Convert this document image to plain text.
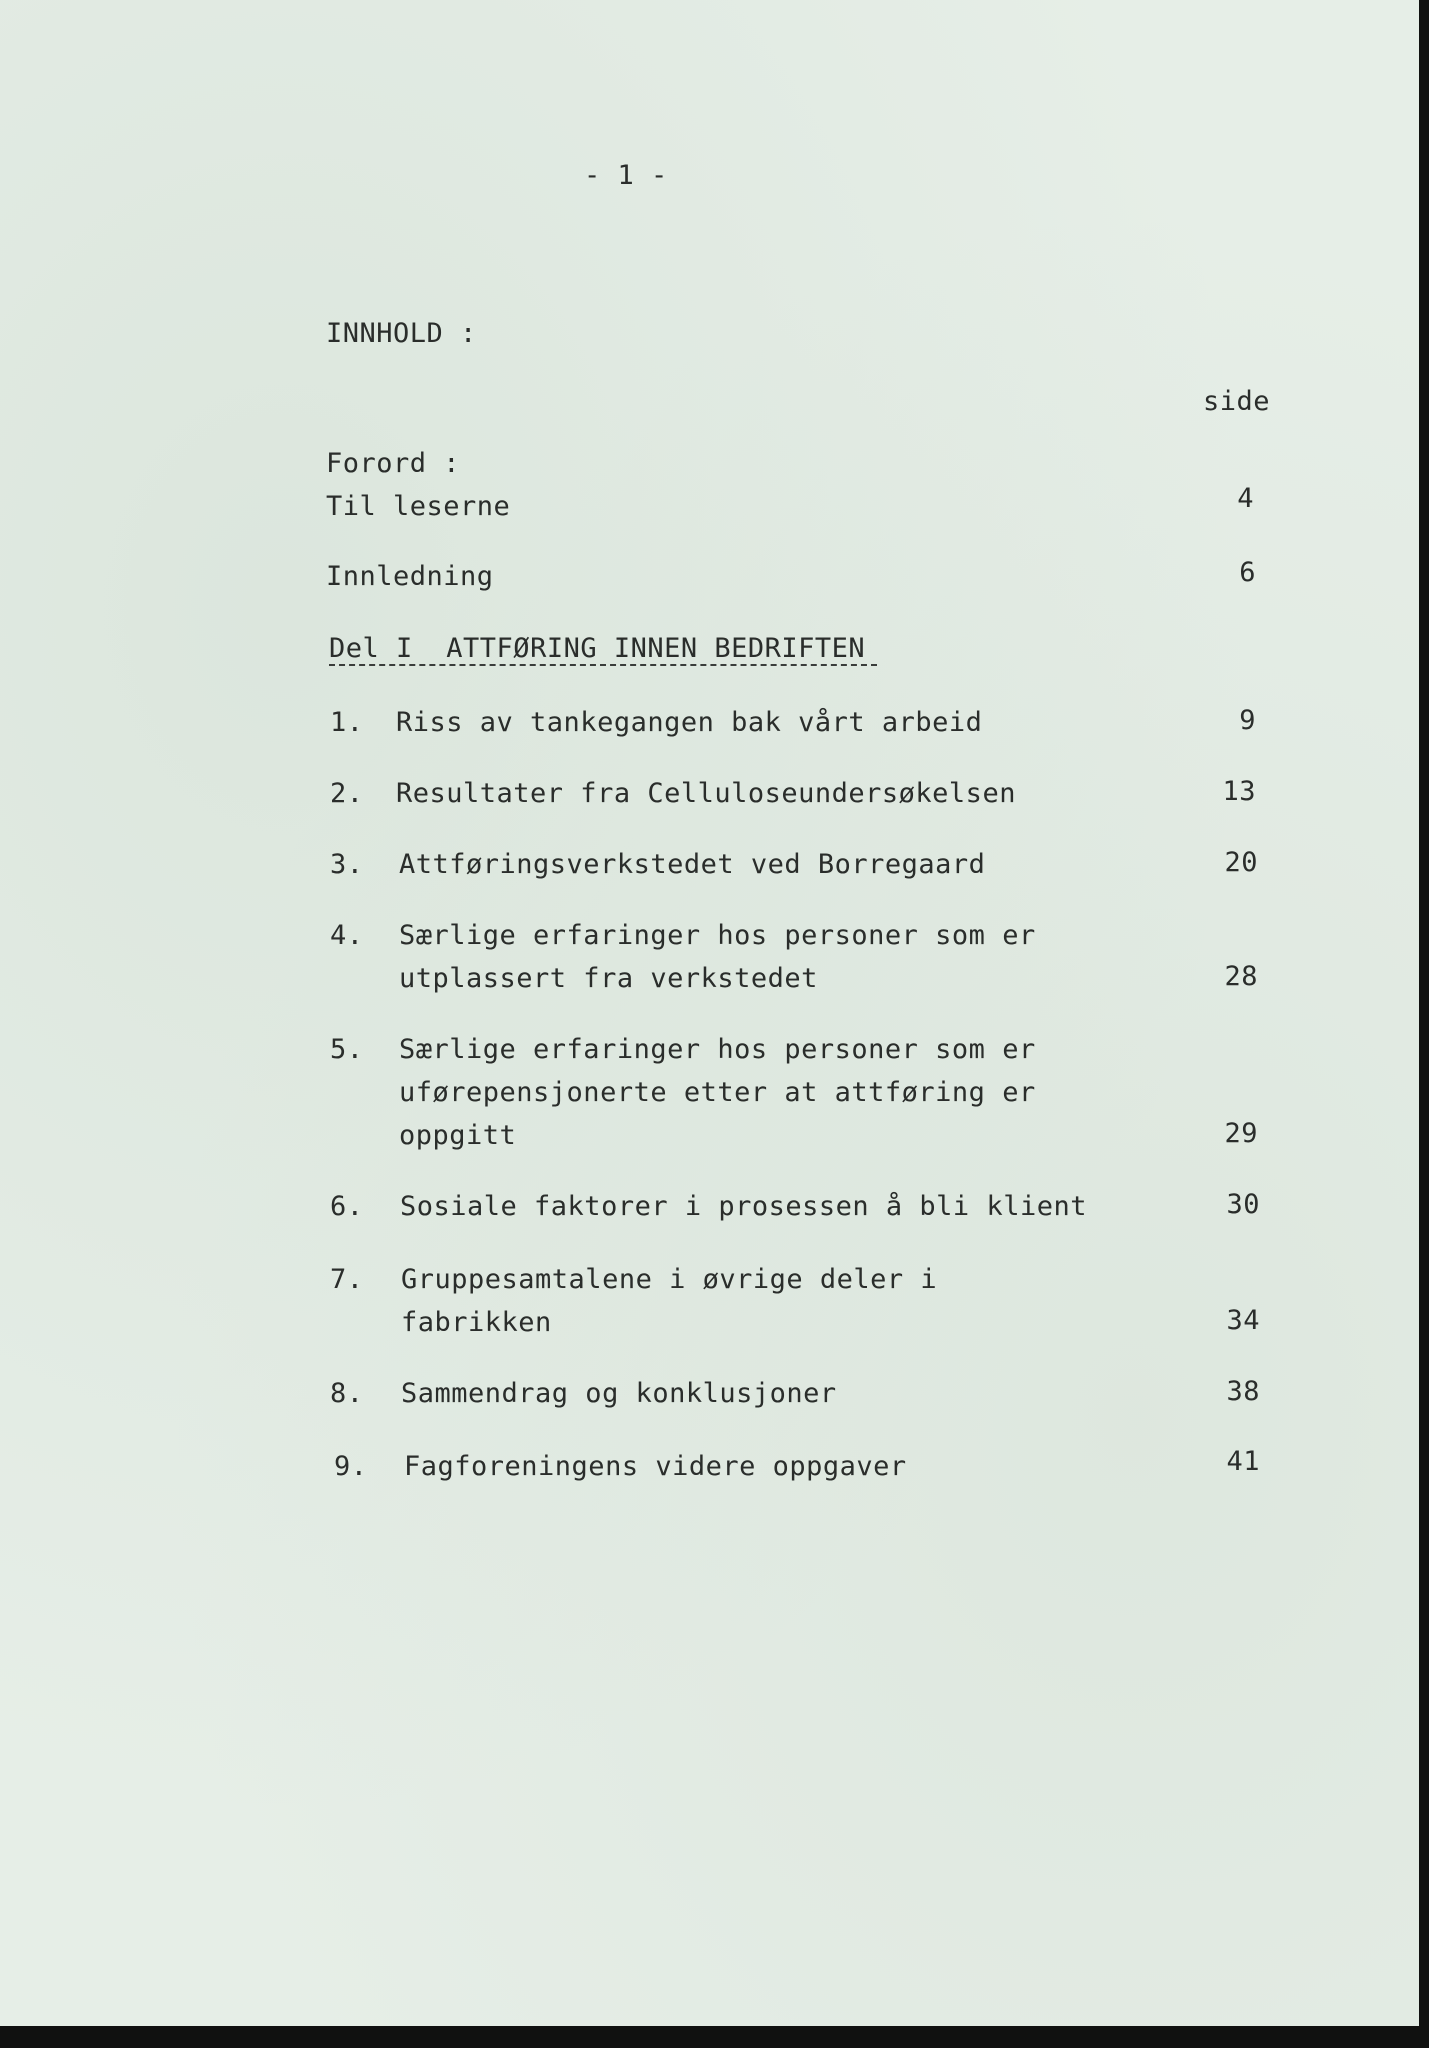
- 1 -
INNHOLD :
side
Forord :
Til leserne	4
Innledning	6
Del I  ATTFØRING INNEN BEDRIFTEN
1. Riss av tankegangen bak vårt arbeid	9
2. Resultater fra Celluloseundersøkelsen	13
3. Attføringsverkstedet ved Borregaard	20
4. Særlige erfaringer hos personer som er
utplassert fra verkstedet	28
5. Særlige erfaringer hos personer som er
uførepensjonerte etter at attføring er
oppgitt	29
6. Sosiale faktorer i prosessen å bli klient	30
7. Gruppesamtalene i øvrige deler i
fabrikken	34
8. Sammendrag og konklusjoner	38
9. Fagforeningens videre oppgaver	41
